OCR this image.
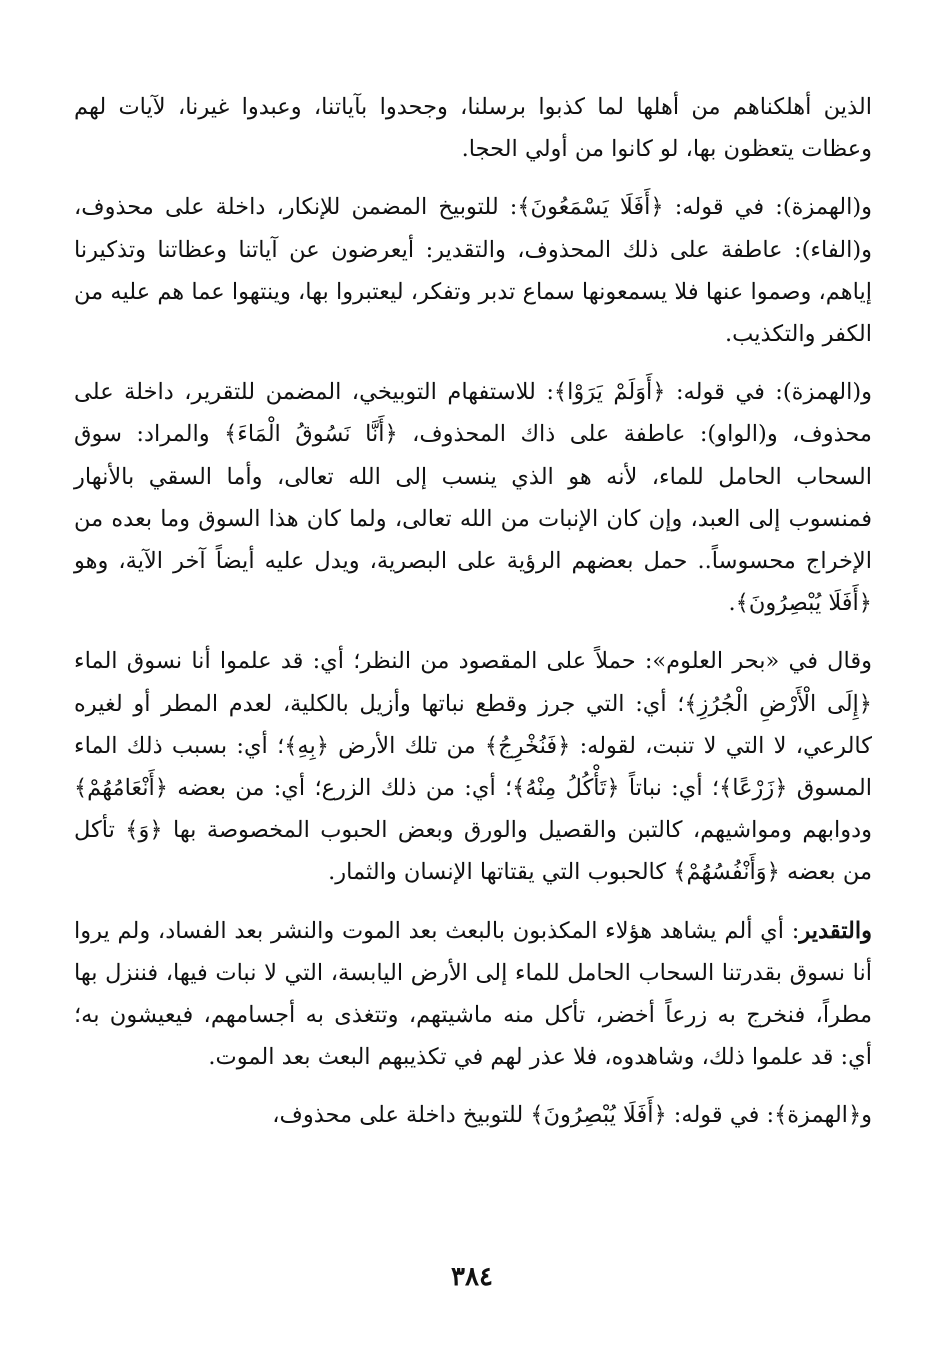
الذين أهلكناهم من أهلها لما كذبوا برسلنا، وجحدوا بآياتنا، وعبدوا غيرنا، لآيات لهم وعظات يتعظون بها، لو كانوا من أولي الحجا.

و(الهمزة): في قوله: ﴿أَفَلَا يَسْمَعُونَ﴾: للتوبيخ المضمن للإنكار، داخلة على محذوف، و(الفاء): عاطفة على ذلك المحذوف، والتقدير: أيعرضون عن آياتنا وعظاتنا وتذكيرنا إياهم، وصموا عنها فلا يسمعونها سماع تدبر وتفكر، ليعتبروا بها، وينتهوا عما هم عليه من الكفر والتكذيب.

و(الهمزة): في قوله: ﴿أَوَلَمْ يَرَوْا﴾: للاستفهام التوبيخي، المضمن للتقرير، داخلة على محذوف، و(الواو): عاطفة على ذاك المحذوف، ﴿أَنَّا نَسُوقُ الْمَاءَ﴾ والمراد: سوق السحاب الحامل للماء، لأنه هو الذي ينسب إلى الله تعالى، وأما السقي بالأنهار فمنسوب إلى العبد، وإن كان الإنبات من الله تعالى، ولما كان هذا السوق وما بعده من الإخراج محسوساً.. حمل بعضهم الرؤية على البصرية، ويدل عليه أيضاً آخر الآية، وهو ﴿أَفَلَا يُبْصِرُونَ﴾.

وقال في «بحر العلوم»: حملاً على المقصود من النظر؛ أي: قد علموا أنا نسوق الماء ﴿إِلَى الْأَرْضِ الْجُرُزِ﴾؛ أي: التي جرز وقطع نباتها وأزيل بالكلية، لعدم المطر أو لغيره كالرعي، لا التي لا تنبت، لقوله: ﴿فَنُخْرِجُ﴾ من تلك الأرض ﴿بِهِ﴾؛ أي: بسبب ذلك الماء المسوق ﴿زَرْعًا﴾؛ أي: نباتاً ﴿تَأْكُلُ مِنْهُ﴾؛ أي: من ذلك الزرع؛ أي: من بعضه ﴿أَنْعَامُهُمْ﴾ ودوابهم ومواشيهم، كالتبن والقصيل والورق وبعض الحبوب المخصوصة بها ﴿وَ﴾ تأكل من بعضه ﴿وَأَنْفُسُهُمْ﴾ كالحبوب التي يقتاتها الإنسان والثمار.

والتقدير: أي ألم يشاهد هؤلاء المكذبون بالبعث بعد الموت والنشر بعد الفساد، ولم يروا أنا نسوق بقدرتنا السحاب الحامل للماء إلى الأرض اليابسة، التي لا نبات فيها، فننزل بها مطراً، فنخرج به زرعاً أخضر، تأكل منه ماشيتهم، وتتغذى به أجسامهم، فيعيشون به؛ أي: قد علموا ذلك، وشاهدوه، فلا عذر لهم في تكذيبهم البعث بعد الموت.

و﴿الهمزة﴾: في قوله: ﴿أَفَلَا يُبْصِرُونَ﴾ للتوبيخ داخلة على محذوف،

٣٨٤
